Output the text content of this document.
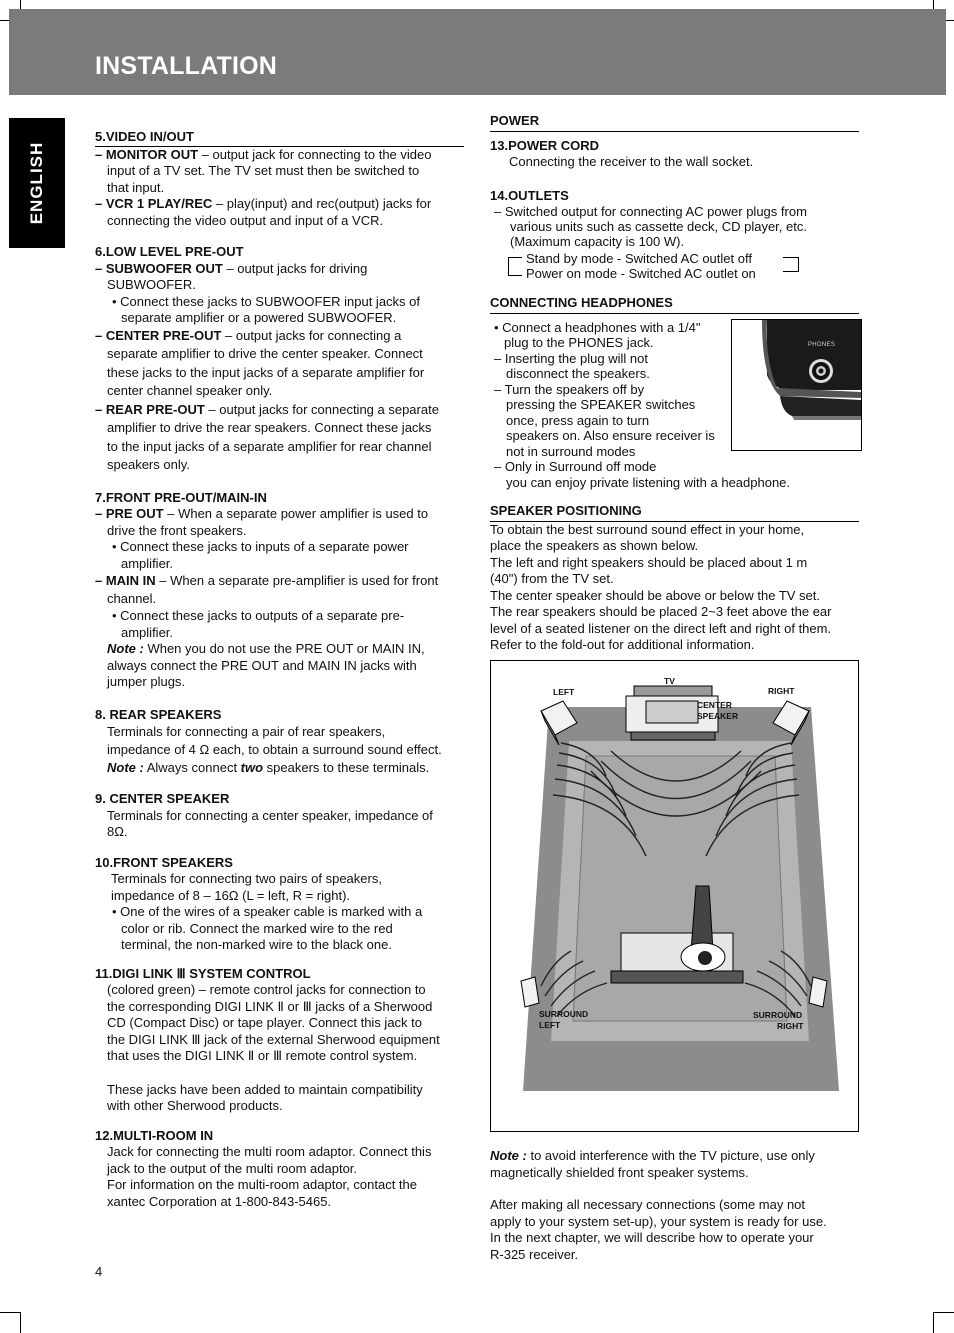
INSTALLATION
ENGLISH

5.VIDEO IN/OUT

– MONITOR OUT – output jack for connecting to the video

input of a TV set. The TV set must then be switched to

that input.

– VCR 1 PLAY/REC – play(input) and rec(output) jacks for

connecting the video output and input of a VCR.

6.LOW LEVEL PRE-OUT

– SUBWOOFER OUT – output jacks for driving

SUBWOOFER.

• Connect these jacks to SUBWOOFER input jacks of

separate amplifier or a powered SUBWOOFER.

– CENTER PRE-OUT – output jacks for connecting a

separate amplifier to drive the center speaker. Connect

these jacks to the input jacks of a separate amplifier for

center channel speaker only.

– REAR PRE-OUT – output jacks for connecting a separate

amplifier to drive the rear speakers. Connect these jacks

to the input jacks of a separate amplifier for rear channel

speakers only.

7.FRONT PRE-OUT/MAIN-IN

– PRE OUT – When a separate power amplifier is used to

drive the front speakers.

• Connect these jacks to inputs of a separate power

amplifier.

– MAIN IN – When a separate pre-amplifier is used for front

channel.

• Connect these jacks to outputs of a separate pre-

amplifier.

Note : When you do not use the PRE OUT or MAIN IN,

always connect the PRE OUT and MAIN IN jacks with

jumper plugs.

8. REAR SPEAKERS

Terminals for connecting a pair of rear speakers,

impedance of 4 Ω each, to obtain a surround sound effect.

Note : Always connect two speakers to these terminals.

9. CENTER SPEAKER

Terminals for connecting a center speaker, impedance of

8Ω.

10.FRONT SPEAKERS

Terminals for connecting two pairs of speakers,

impedance of 8 – 16Ω (L = left, R = right).

• One of the wires of a speaker cable is marked with a

color or rib. Connect the marked wire to the red

terminal, the non-marked wire to the black one.

11.DIGI LINK Ⅲ SYSTEM CONTROL

(colored green) – remote control jacks for connection to

the corresponding DIGI LINK Ⅱ or Ⅲ jacks of a Sherwood

CD (Compact Disc) or tape player. Connect this jack to

the DIGI LINK Ⅲ jack of the external Sherwood equipment

that uses the DIGI LINK Ⅱ or Ⅲ remote control system.

These jacks have been added to maintain compatibility

with other Sherwood products.

12.MULTI-ROOM IN

Jack for connecting the multi room adaptor. Connect this

jack to the output of the multi room adaptor.

For information on the multi-room adaptor, contact the

xantec Corporation at 1-800-843-5465.

POWER

13.POWER CORD

Connecting the receiver to the wall socket.

14.OUTLETS

– Switched output for connecting AC power plugs from

various units such as cassette deck, CD player, etc.

(Maximum capacity is 100 W).

Stand by mode - Switched AC outlet off

Power on mode - Switched AC outlet on

CONNECTING HEADPHONES

• Connect a headphones with a 1/4"

plug to the PHONES jack.

– Inserting the plug will not

disconnect the speakers.

– Turn the speakers off by

pressing the SPEAKER switches

once, press again to turn

speakers on. Also ensure receiver is

not in surround modes

– Only in Surround off mode

you can enjoy private listening with a headphone.

SPEAKER POSITIONING

To obtain the best surround sound effect in your home,

place the speakers as shown below.

The left and right speakers should be placed about 1 m

(40") from the TV set.

The center speaker should be above or below the TV set.

The rear speakers should be placed 2~3 feet above the ear

level of a seated listener on the direct left and right of them.

Refer to the fold-out for additional information.

PHONES
TV
LEFT	RIGHT
CENTER
SPEAKER
SURROUND
LEFT
SURROUND
RIGHT

Note : to avoid interference with the TV picture, use only

magnetically shielded front speaker systems.

After making all necessary connections (some may not

apply to your system set-up), your system is ready for use.

In the next chapter, we will describe how to operate your

R-325 receiver.

4
